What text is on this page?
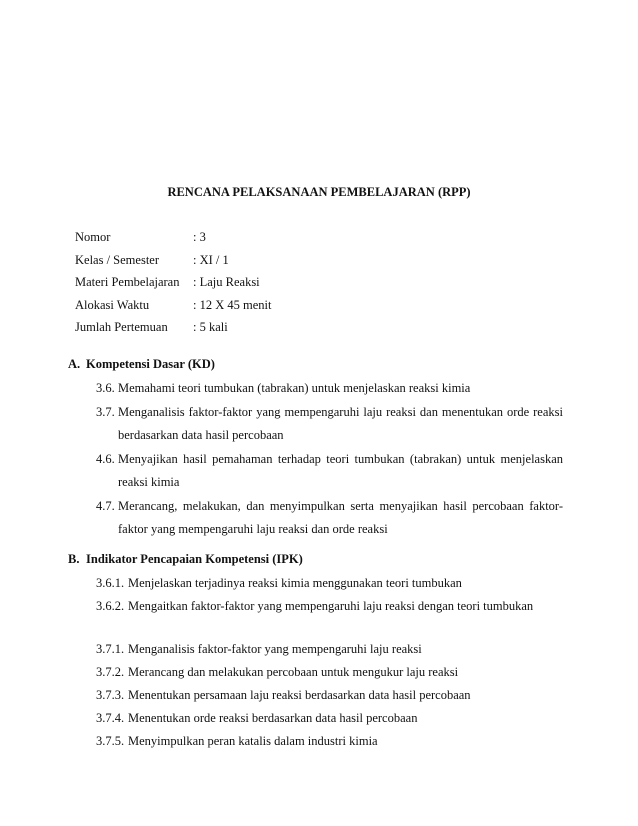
RENCANA PELAKSANAAN PEMBELAJARAN (RPP)
Nomor	: 3
Kelas / Semester	: XI / 1
Materi Pembelajaran : Laju Reaksi
Alokasi Waktu	: 12 X 45 menit
Jumlah Pertemuan : 5 kali
A. Kompetensi Dasar (KD)
3.6. Memahami teori tumbukan (tabrakan) untuk menjelaskan reaksi kimia
3.7. Menganalisis faktor-faktor yang mempengaruhi laju reaksi dan menentukan orde reaksi berdasarkan data hasil percobaan
4.6. Menyajikan hasil pemahaman terhadap teori tumbukan (tabrakan) untuk menjelaskan reaksi kimia
4.7. Merancang, melakukan, dan menyimpulkan serta menyajikan hasil percobaan faktor-faktor yang mempengaruhi laju reaksi dan orde reaksi
B. Indikator Pencapaian Kompetensi (IPK)
3.6.1. Menjelaskan terjadinya reaksi kimia menggunakan teori tumbukan
3.6.2. Mengaitkan faktor-faktor yang mempengaruhi laju reaksi dengan teori tumbukan
3.7.1. Menganalisis faktor-faktor yang mempengaruhi laju reaksi
3.7.2. Merancang dan melakukan percobaan untuk mengukur laju reaksi
3.7.3. Menentukan persamaan laju reaksi berdasarkan data hasil percobaan
3.7.4. Menentukan orde reaksi berdasarkan data hasil percobaan
3.7.5. Menyimpulkan peran katalis dalam industri kimia
